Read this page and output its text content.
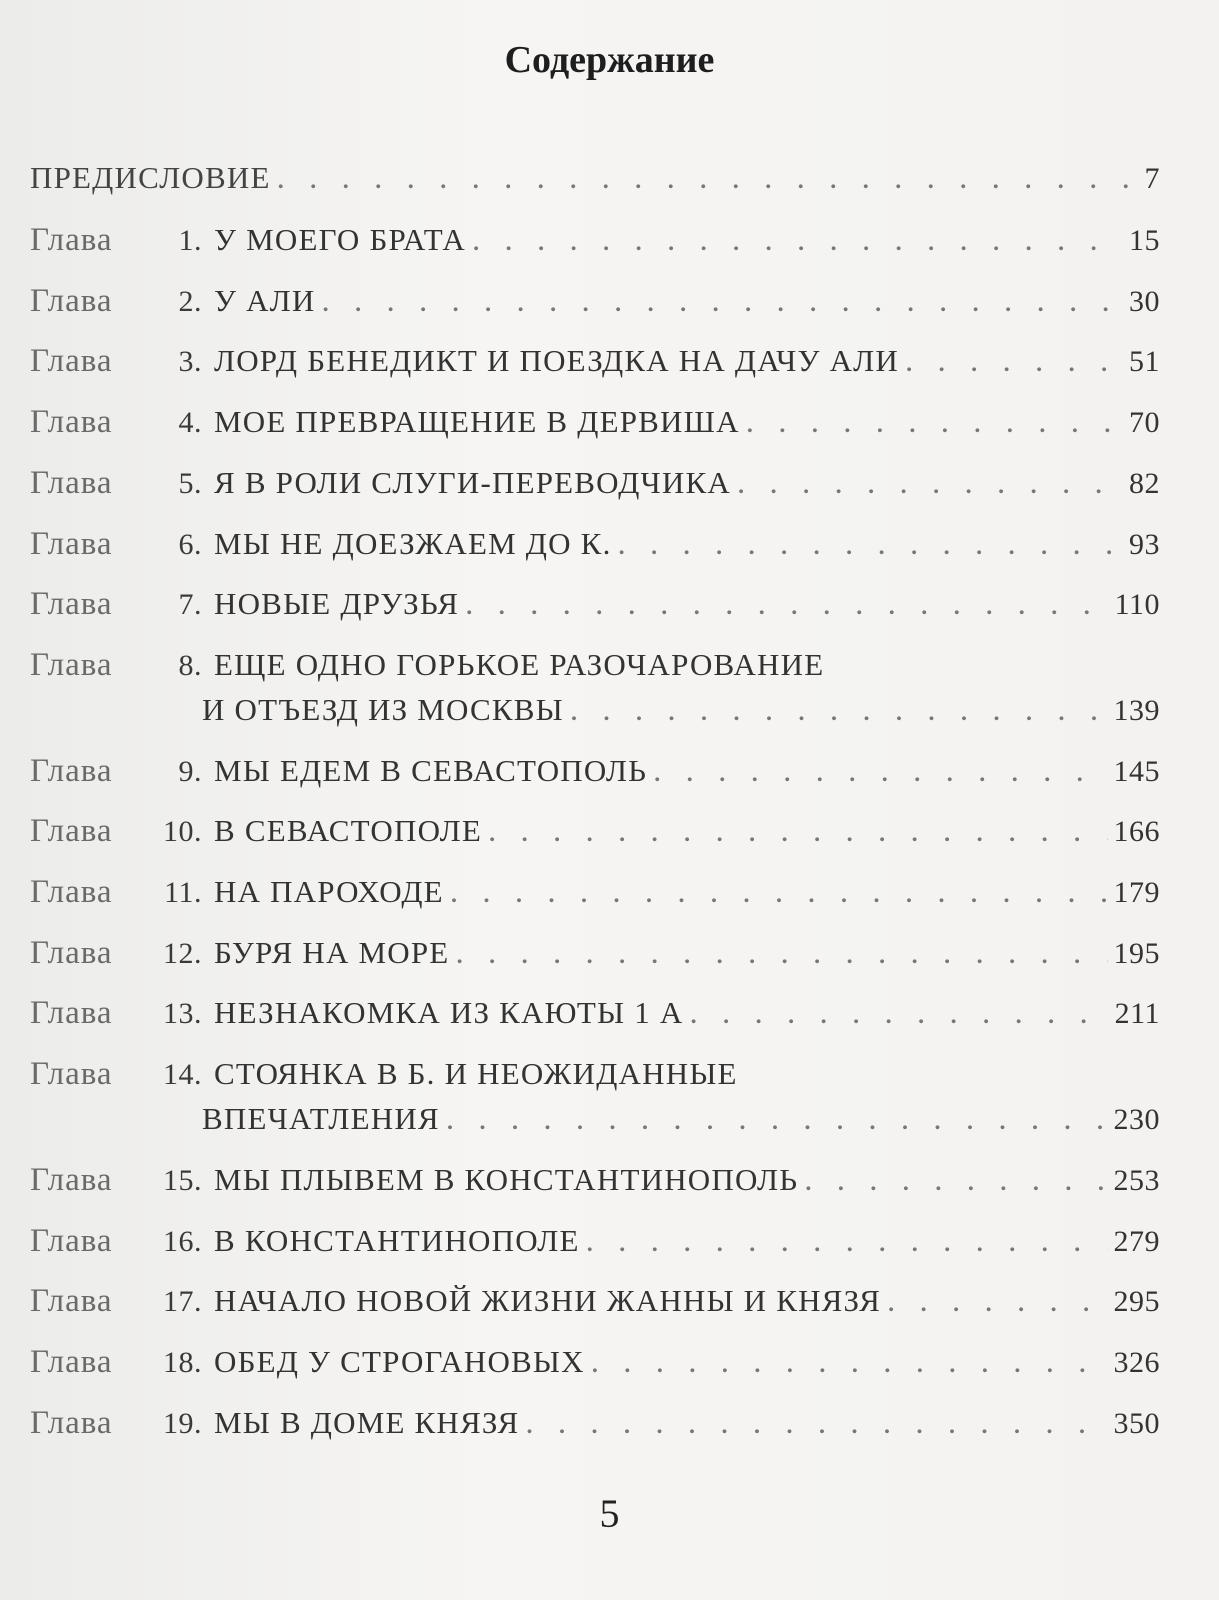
Содержание
ПРЕДИСЛОВИЕ . . .	7
Глава	1. У МОЕГО БРАТА . . .	15
Глава	2. У АЛИ . . .	30
Глава	3. ЛОРД БЕНЕДИКТ И ПОЕЗДКА НА ДАЧУ АЛИ . . .	51
Глава	4. МОЕ ПРЕВРАЩЕНИЕ В ДЕРВИША . . .	70
Глава	5. Я В РОЛИ СЛУГИ-ПЕРЕВОДЧИКА . . .	82
Глава	6. МЫ НЕ ДОЕЗЖАЕМ ДО К. . . .	93
Глава	7. НОВЫЕ ДРУЗЬЯ . . .	110
Глава	8. ЕЩЕ ОДНО ГОРЬКОЕ РАЗОЧАРОВАНИЕ
И ОТЪЕЗД ИЗ МОСКВЫ . . .	139
Глава	9. МЫ ЕДЕМ В СЕВАСТОПОЛЬ . . .	145
Глава	10. В СЕВАСТОПОЛЕ . . .	166
Глава	11. НА ПАРОХОДЕ . . .	179
Глава	12. БУРЯ НА МОРЕ . . .	195
Глава	13. НЕЗНАКОМКА ИЗ КАЮТЫ 1 А . . .	211
Глава	14. СТОЯНКА В Б. И НЕОЖИДАННЫЕ
ВПЕЧАТЛЕНИЯ . . .	230
Глава	15. МЫ ПЛЫВЕМ В КОНСТАНТИНОПОЛЬ . . .	253
Глава	16. В КОНСТАНТИНОПОЛЕ . . .	279
Глава	17. НАЧАЛО НОВОЙ ЖИЗНИ ЖАННЫ И КНЯЗЯ . . .	295
Глава	18. ОБЕД У СТРОГАНОВЫХ . . .	326
Глава	19. МЫ В ДОМЕ КНЯЗЯ . . .	350
5
